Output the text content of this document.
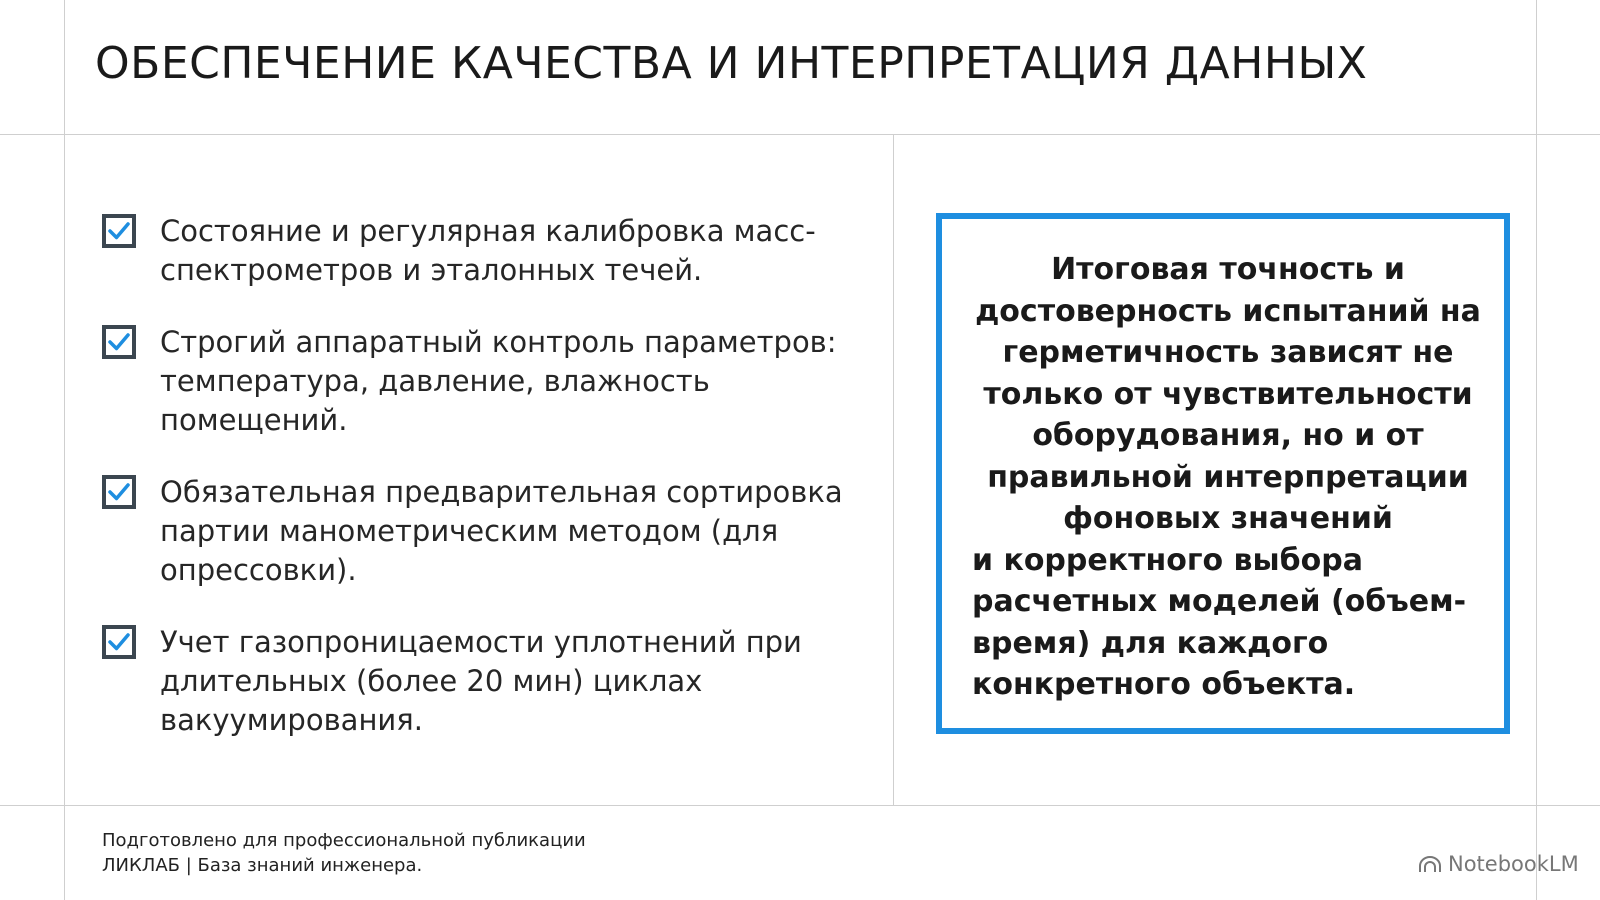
ОБЕСПЕЧЕНИЕ КАЧЕСТВА И ИНТЕРПРЕТАЦИЯ ДАННЫХ
Состояние и регулярная калибровка масс-спектрометров и эталонных течей.
Строгий аппаратный контроль параметров: температура, давление, влажность помещений.
Обязательная предварительная сортировка партии манометрическим методом (для опрессовки).
Учет газопроницаемости уплотнений при длительных (более 20 мин) циклах вакуумирования.
Итоговая точность и
достоверность испытаний на
герметичность зависят не
только от чувствительности
оборудования, но и от
правильной интерпретации
фоновых значений
и корректного выбора
расчетных моделей (объем-
время) для каждого
конкретного объекта.
Подготовлено для профессиональной публикации
ЛИКЛАБ | База знаний инженера.	NotebookLM
